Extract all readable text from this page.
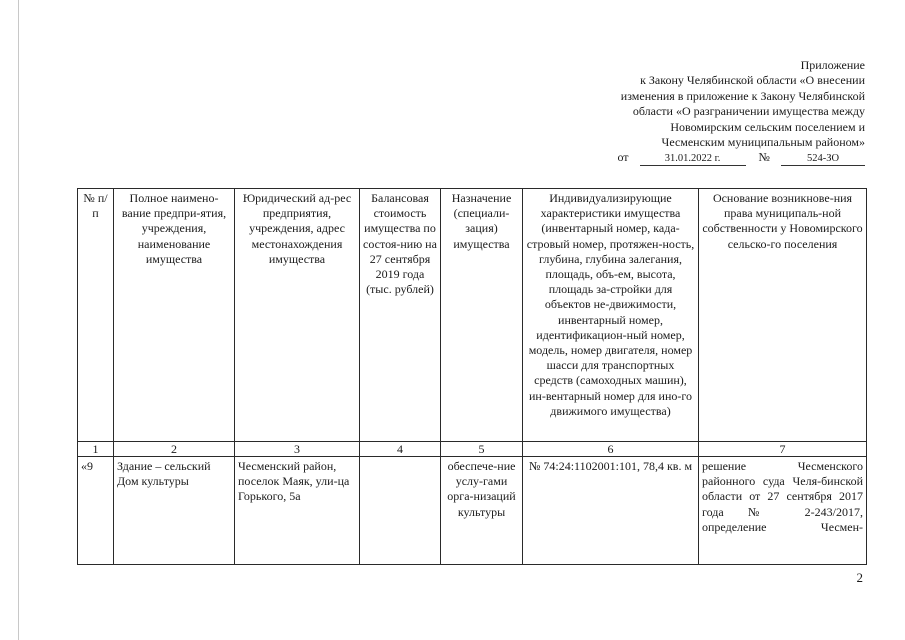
Приложение
к Закону Челябинской области «О внесении
изменения в приложение к Закону Челябинской
области «О разграничении имущества между
Новомирским сельским поселением и
Чесменским муниципальным районом»
от	31.01.2022 г.	№	524-ЗО
№ п/п	Полное наимено-вание предпри-ятия, учреждения, наименование имущества	Юридический ад-рес предприятия, учреждения, адрес местонахождения имущества	Балансовая стоимость имущества по состоя-нию на 27 сентября 2019 года (тыс. рублей)	Назначение (специали-зация) имущества	Индивидуализирующие характеристики имущества (инвентарный номер, када-стровый номер, протяжен-ность, глубина, глубина залегания, площадь, объ-ем, высота, площадь за-стройки для объектов не-движимости, инвентарный номер, идентификацион-ный номер, модель, номер двигателя, номер шасси для транспортных средств (самоходных машин), ин-вентарный номер для ино-го движимого имущества)	Основание возникнове-ния права муниципаль-ной собственности у Новомирского сельско-го поселения
1	2	3	4	5	6	7
«9	Здание – сельский Дом культуры	Чесменский район, поселок Маяк, ули-ца Горького, 5а		обеспече-ние услу-гами орга-низаций культуры	№ 74:24:1102001:101, 78,4 кв. м	решение Чесменского районного суда Челя-бинской области от 27 сентября 2017 года № 2-243/2017, определение Чесмен-
2
